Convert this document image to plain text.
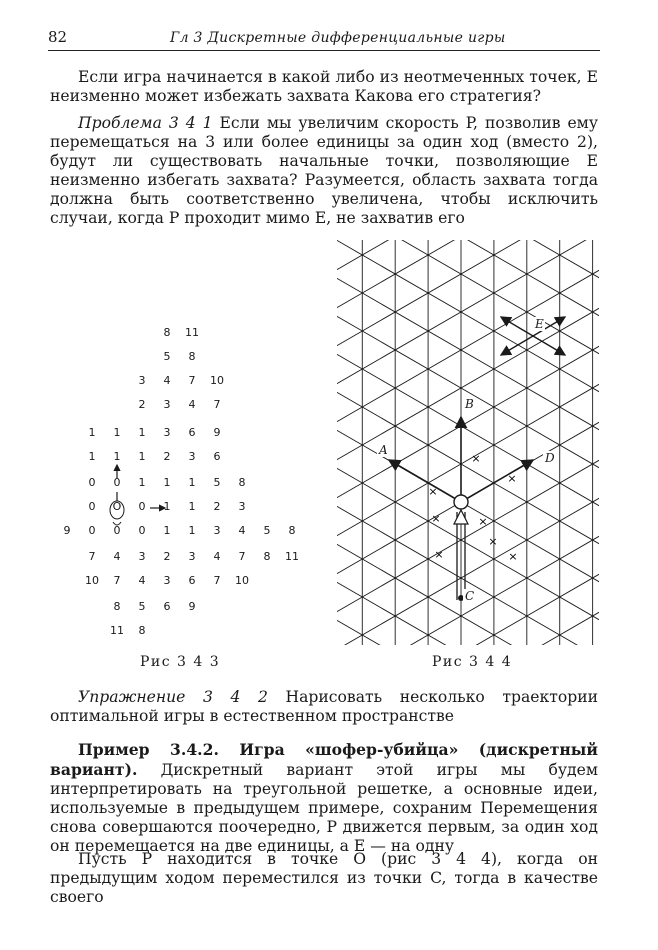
82	Гл 3 Дискретные дифференциальные игры

Если игра начинается в какой либо из неотмеченных точек, E неизменно может избежать захвата Какова его стратегия?

Проблема 3 4 1 Если мы увеличим скорость P, позволив ему перемещаться на 3 или более единицы за один ход (вместо 2), будут ли существовать начальные точки, позволяющие E неизменно избегать захвата? Разумеется, область захвата тогда должна быть соответственно увеличена, чтобы исключить случаи, когда P проходит мимо E, не захватив его

8	11
5	8
3	4	7	10
2	3	4	7
1	1	1	3	6	9
1	1	1	2	3	6
0	0	1	1	1	5	8
0	O	0	1	1	2	3
9	0	0	0	1	1	3	4	5	8
7	4	3	2	3	4	7	8	11
10	7	4	3	6	7	10
8	5	6	9
11	8
×
×
×	×
×
×
×	×
A
B
D
E
C
Рис 3 4 3	Рис 3 4 4

Упражнение 3 4 2 Нарисовать несколько траектории оптимальной игры в естественном пространстве

Пример 3.4.2. Игра «шофер-убийца» (дискретный вариант). Дискретный вариант этой игры мы будем интерпретировать на треугольной решетке, а основные идеи, используемые в предыдущем примере, сохраним Перемещения снова совершаются поочередно, P движется первым, за один ход он перемещается на две единицы, а E — на одну

Пусть P находится в точке O (рис 3 4 4), когда он предыдущим ходом переместился из точки C, тогда в качестве своего
